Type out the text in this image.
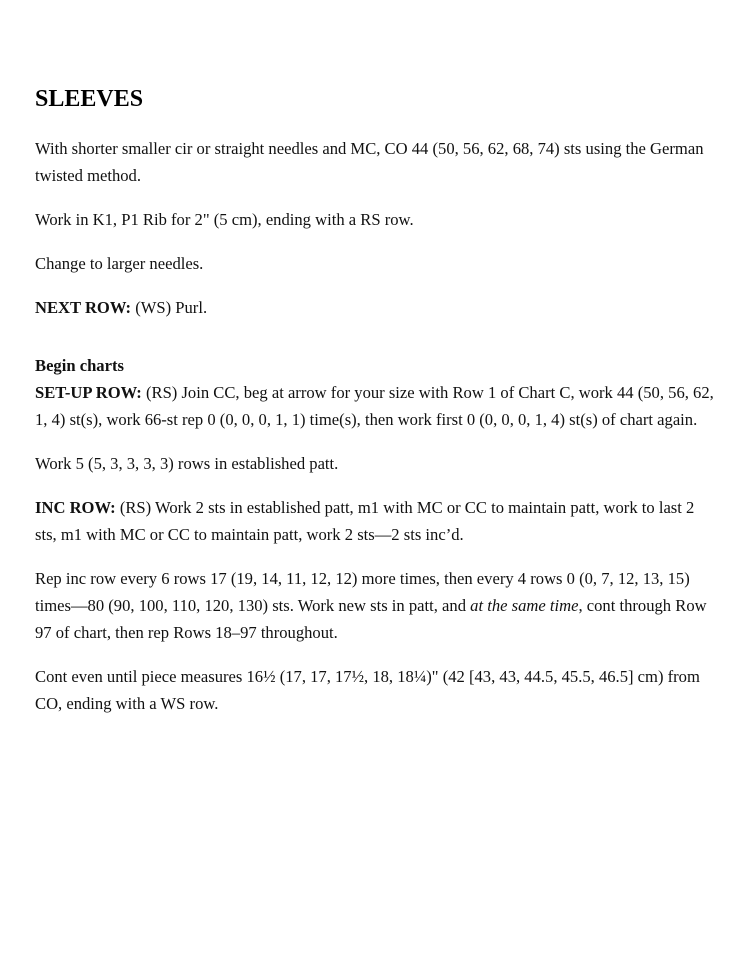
SLEEVES

With shorter smaller cir or straight needles and MC, CO 44 (50, 56, 62, 68, 74) sts using the German twisted method.

Work in K1, P1 Rib for 2" (5 cm), ending with a RS row.

Change to larger needles.

NEXT ROW: (WS) Purl.

Begin charts

SET-UP ROW: (RS) Join CC, beg at arrow for your size with Row 1 of Chart C, work 44 (50, 56, 62, 1, 4) st(s), work 66-st rep 0 (0, 0, 0, 1, 1) time(s), then work first 0 (0, 0, 0, 1, 4) st(s) of chart again.

Work 5 (5, 3, 3, 3, 3) rows in established patt.

INC ROW: (RS) Work 2 sts in established patt, m1 with MC or CC to maintain patt, work to last 2 sts, m1 with MC or CC to maintain patt, work 2 sts—2 sts inc’d.

Rep inc row every 6 rows 17 (19, 14, 11, 12, 12) more times, then every 4 rows 0 (0, 7, 12, 13, 15) times—80 (90, 100, 110, 120, 130) sts. Work new sts in patt, and at the same time, cont through Row 97 of chart, then rep Rows 18–97 throughout.

Cont even until piece measures 16½ (17, 17, 17½, 18, 18¼)" (42 [43, 43, 44.5, 45.5, 46.5] cm) from CO, ending with a WS row.
